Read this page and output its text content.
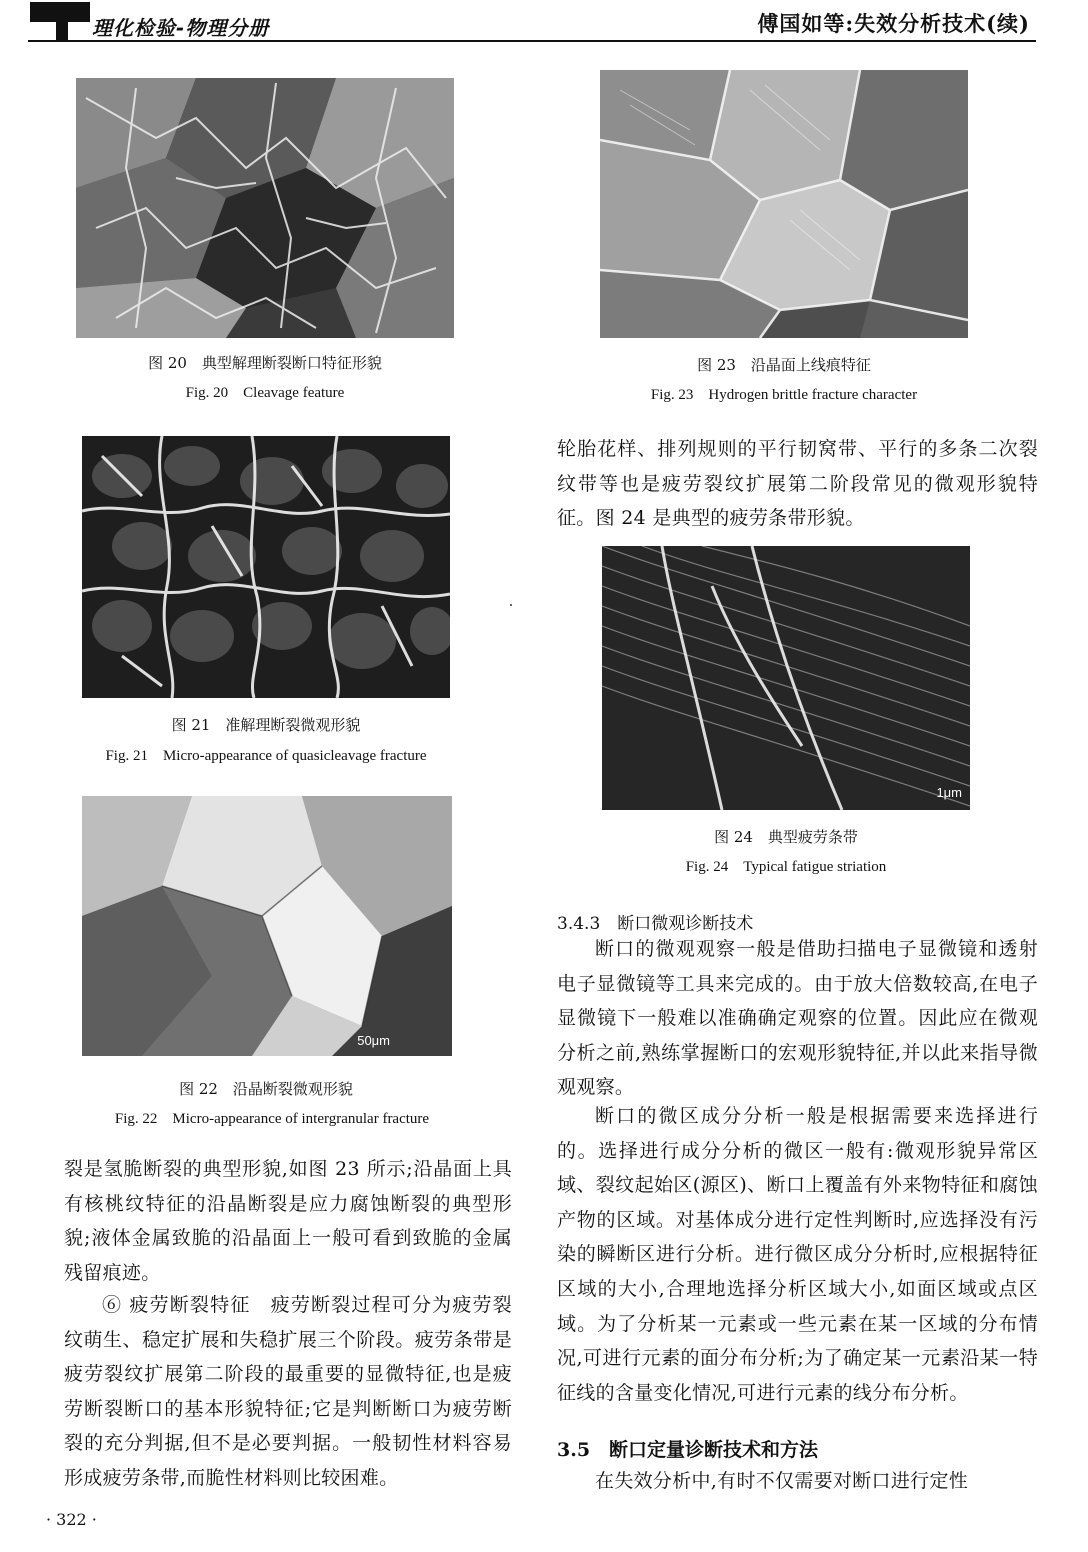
理化检验-物理分册	傅国如等:失效分析技术(续)
图 20　典型解理断裂断口特征形貌
Fig. 20　Cleavage feature
图 21　准解理断裂微观形貌
Fig. 21　Micro-appearance of quasicleavage fracture
50μm
图 22　沿晶断裂微观形貌
Fig. 22　Micro-appearance of intergranular fracture
图 23　沿晶面上线痕特征
Fig. 23　Hydrogen brittle fracture character

轮胎花样、排列规则的平行韧窝带、平行的多条二次裂纹带等也是疲劳裂纹扩展第二阶段常见的微观形貌特征。图 24 是典型的疲劳条带形貌。

1μm
图 24　典型疲劳条带
Fig. 24　Typical fatigue striation
3.4.3　断口微观诊断技术

断口的微观观察一般是借助扫描电子显微镜和透射电子显微镜等工具来完成的。由于放大倍数较高,在电子显微镜下一般难以准确确定观察的位置。因此应在微观分析之前,熟练掌握断口的宏观形貌特征,并以此来指导微观观察。

断口的微区成分分析一般是根据需要来选择进行的。选择进行成分分析的微区一般有:微观形貌异常区域、裂纹起始区(源区)、断口上覆盖有外来物特征和腐蚀产物的区域。对基体成分进行定性判断时,应选择没有污染的瞬断区进行分析。进行微区成分分析时,应根据特征区域的大小,合理地选择分析区域大小,如面区域或点区域。为了分析某一元素或一些元素在某一区域的分布情况,可进行元素的面分布分析;为了确定某一元素沿某一特征线的含量变化情况,可进行元素的线分布分析。

3.5　断口定量诊断技术和方法

在失效分析中,有时不仅需要对断口进行定性

裂是氢脆断裂的典型形貌,如图 23 所示;沿晶面上具有核桃纹特征的沿晶断裂是应力腐蚀断裂的典型形貌;液体金属致脆的沿晶面上一般可看到致脆的金属残留痕迹。

⑥ 疲劳断裂特征　疲劳断裂过程可分为疲劳裂纹萌生、稳定扩展和失稳扩展三个阶段。疲劳条带是疲劳裂纹扩展第二阶段的最重要的显微特征,也是疲劳断裂断口的基本形貌特征;它是判断断口为疲劳断裂的充分判据,但不是必要判据。一般韧性材料容易形成疲劳条带,而脆性材料则比较困难。

· 322 ·
